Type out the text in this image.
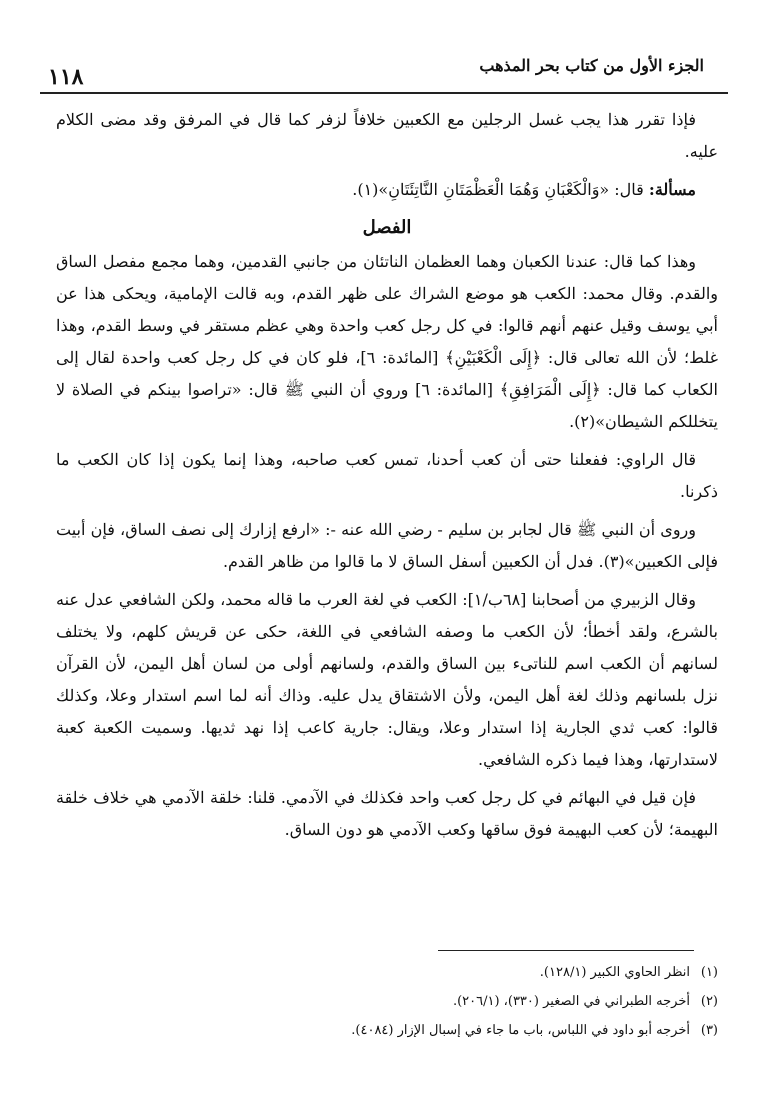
الجزء الأول من كتاب بحر المذهب
١١٨

فإذا تقرر هذا يجب غسل الرجلين مع الكعبين خلافاً لزفر كما قال في المرفق وقد مضى الكلام عليه.

مسألة: قال: «وَالْكَعْبَانِ وَهُمَا الْعَظْمَتَانِ النَّاتِئَتَانِ»(١).

الفصل

وهذا كما قال: عندنا الكعبان وهما العظمان الناتئان من جانبي القدمين، وهما مجمع مفصل الساق والقدم. وقال محمد: الكعب هو موضع الشراك على ظهر القدم، وبه قالت الإمامية، ويحكى هذا عن أبي يوسف وقيل عنهم أنهم قالوا: في كل رجل كعب واحدة وهي عظم مستقر في وسط القدم، وهذا غلط؛ لأن الله تعالى قال: ﴿إِلَى الْكَعْبَيْنِ﴾ [المائدة: ٦]، فلو كان في كل رجل كعب واحدة لقال إلى الكعاب كما قال: ﴿إِلَى الْمَرَافِقِ﴾ [المائدة: ٦] وروي أن النبي ﷺ قال: «تراصوا بينكم في الصلاة لا يتخللكم الشيطان»(٢).

قال الراوي: ففعلنا حتى أن كعب أحدنا، تمس كعب صاحبه، وهذا إنما يكون إذا كان الكعب ما ذكرنا.

وروى أن النبي ﷺ قال لجابر بن سليم - رضي الله عنه -: «ارفع إزارك إلى نصف الساق، فإن أبيت فإلى الكعبين»(٣). فدل أن الكعبين أسفل الساق لا ما قالوا من ظاهر القدم.

وقال الزبيري من أصحابنا [٦٨ب/١]: الكعب في لغة العرب ما قاله محمد، ولكن الشافعي عدل عنه بالشرع، ولقد أخطأ؛ لأن الكعب ما وصفه الشافعي في اللغة، حكى عن قريش كلهم، ولا يختلف لسانهم أن الكعب اسم للناتىء بين الساق والقدم، ولسانهم أولى من لسان أهل اليمن، لأن القرآن نزل بلسانهم وذلك لغة أهل اليمن، ولأن الاشتقاق يدل عليه. وذاك أنه لما اسم استدار وعلا، وكذلك قالوا: كعب ثدي الجارية إذا استدار وعلا، ويقال: جارية كاعب إذا نهد ثديها. وسميت الكعبة كعبة لاستدارتها، وهذا فيما ذكره الشافعي.

فإن قيل في البهائم في كل رجل كعب واحد فكذلك في الآدمي. قلنا: خلقة الآدمي هي خلاف خلقة البهيمة؛ لأن كعب البهيمة فوق ساقها وكعب الآدمي هو دون الساق.

(١)
انظر الحاوي الكبير (١٢٨/١).

(٢)
أخرجه الطبراني في الصغير (٣٣٠)، (٢٠٦/١).

(٣)
أخرجه أبو داود في اللباس، باب ما جاء في إسبال الإزار (٤٠٨٤).
